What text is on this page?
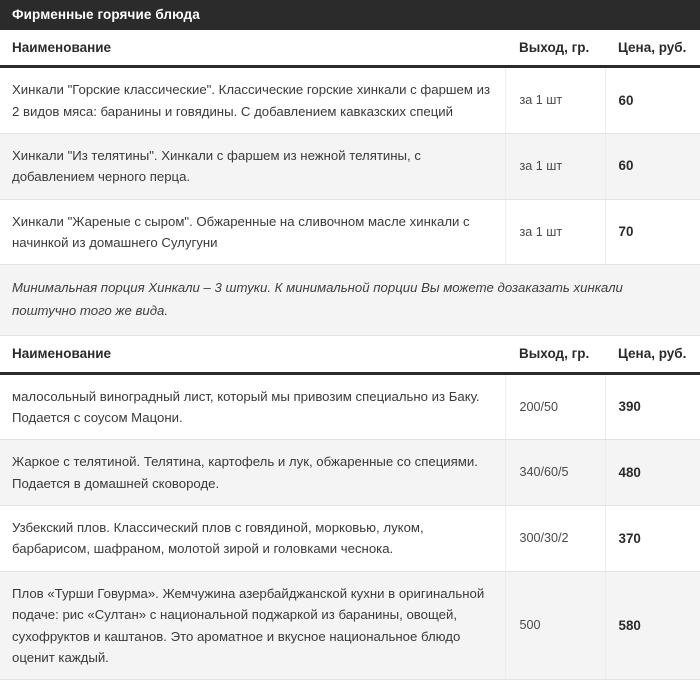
Фирменные горячие блюда
Наименование	Выход, гр.	Цена, руб.
Хинкали "Горские классические". Классические горские хинкали с фаршем из 2 видов мяса: баранины и говядины. С добавлением кавказских специй	за 1 шт	60
Хинкали "Из телятины". Хинкали с фаршем из нежной телятины, с добавлением черного перца.	за 1 шт	60
Хинкали "Жареные с сыром". Обжаренные на сливочном масле хинкали с начинкой из домашнего Сулугуни	за 1 шт	70
Минимальная порция Хинкали – 3 штуки. К минимальной порции Вы можете дозаказать хинкали поштучно того же вида.		
Наименование	Выход, гр.	Цена, руб.
малосольный виноградный лист, который мы привозим специально из Баку. Подается с соусом Мацони.	200/50	390
Жаркое с телятиной. Телятина, картофель и лук, обжаренные со специями. Подается в домашней сковороде.	340/60/5	480
Узбекский плов. Классический плов с говядиной, морковью, луком, барбарисом, шафраном, молотой зирой и головками чеснока.	300/30/2	370
Плов «Турши Говурма». Жемчужина азербайджанской кухни в оригинальной подаче: рис «Султан» с национальной поджаркой из баранины, овощей, сухофруктов и каштанов. Это ароматное и вкусное национальное блюдо оценит каждый.	500	580
